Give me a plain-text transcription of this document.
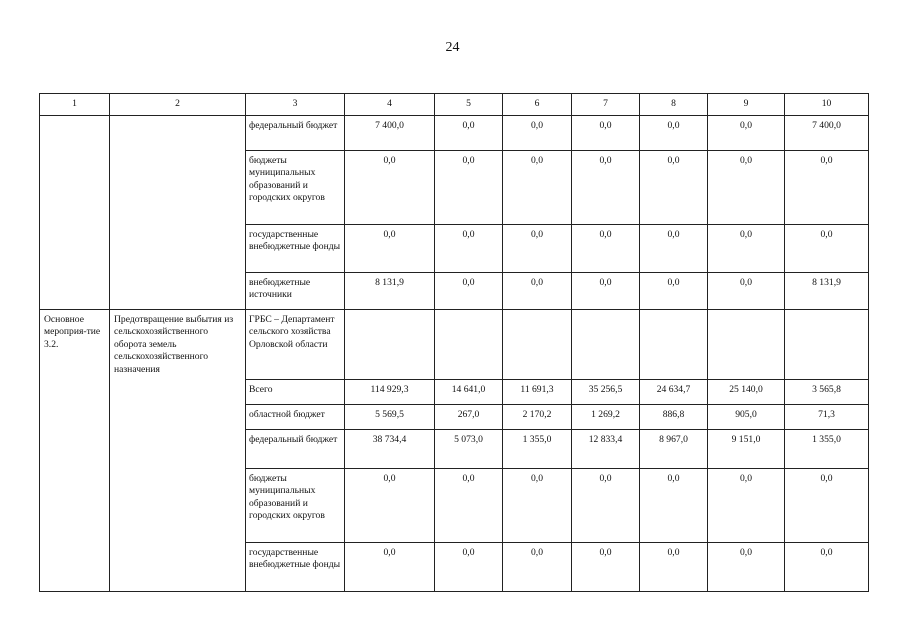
24
1	2	3	4	5	6	7	8	9	10

		федеральный бюджет	7 400,0	0,0	0,0	0,0	0,0	0,0	7 400,0

		бюджеты муниципальных образований и городских округов	0,0	0,0	0,0	0,0	0,0	0,0	0,0

		государственные внебюджетные фонды	0,0	0,0	0,0	0,0	0,0	0,0	0,0

		внебюджетные источники	8 131,9	0,0	0,0	0,0	0,0	0,0	8 131,9

Основное мероприя-тие 3.2.	Предотвращение выбытия из сельскохозяйственного оборота земель сельскохозяйственного назначения	ГРБС – Департамент сельского хозяйства Орловской области							

		Всего	114 929,3	14 641,0	11 691,3	35 256,5	24 634,7	25 140,0	3 565,8

		областной бюджет	5 569,5	267,0	2 170,2	1 269,2	886,8	905,0	71,3

		федеральный бюджет	38 734,4	5 073,0	1 355,0	12 833,4	8 967,0	9 151,0	1 355,0

		бюджеты муниципальных образований и городских округов	0,0	0,0	0,0	0,0	0,0	0,0	0,0

		государственные внебюджетные фонды	0,0	0,0	0,0	0,0	0,0	0,0	0,0
